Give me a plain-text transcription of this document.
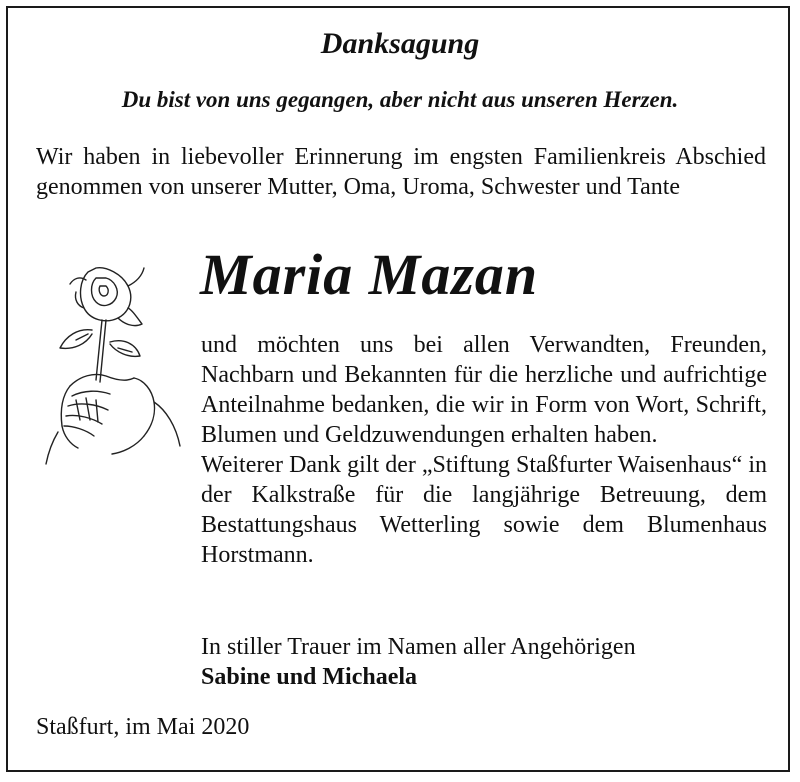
Danksagung
Du bist von uns gegangen, aber nicht aus unseren Herzen.
Wir haben in liebevoller Erinnerung im engsten Familienkreis Abschied genommen von unserer Mutter, Oma, Uroma, Schwester und Tante
Maria Mazan

und möchten uns bei allen Verwandten, Freunden, Nachbarn und Bekannten für die herzliche und aufrichtige Anteilnahme bedanken, die wir in Form von Wort, Schrift, Blumen und Geldzuwendungen erhalten haben.

Weiterer Dank gilt der „Stiftung Staßfurter Waisenhaus“ in der Kalkstraße für die langjährige Betreuung, dem Bestattungshaus Wetterling sowie dem Blumenhaus Horstmann.

In stiller Trauer im Namen aller Angehörigen
Sabine und Michaela
Staßfurt, im Mai 2020
